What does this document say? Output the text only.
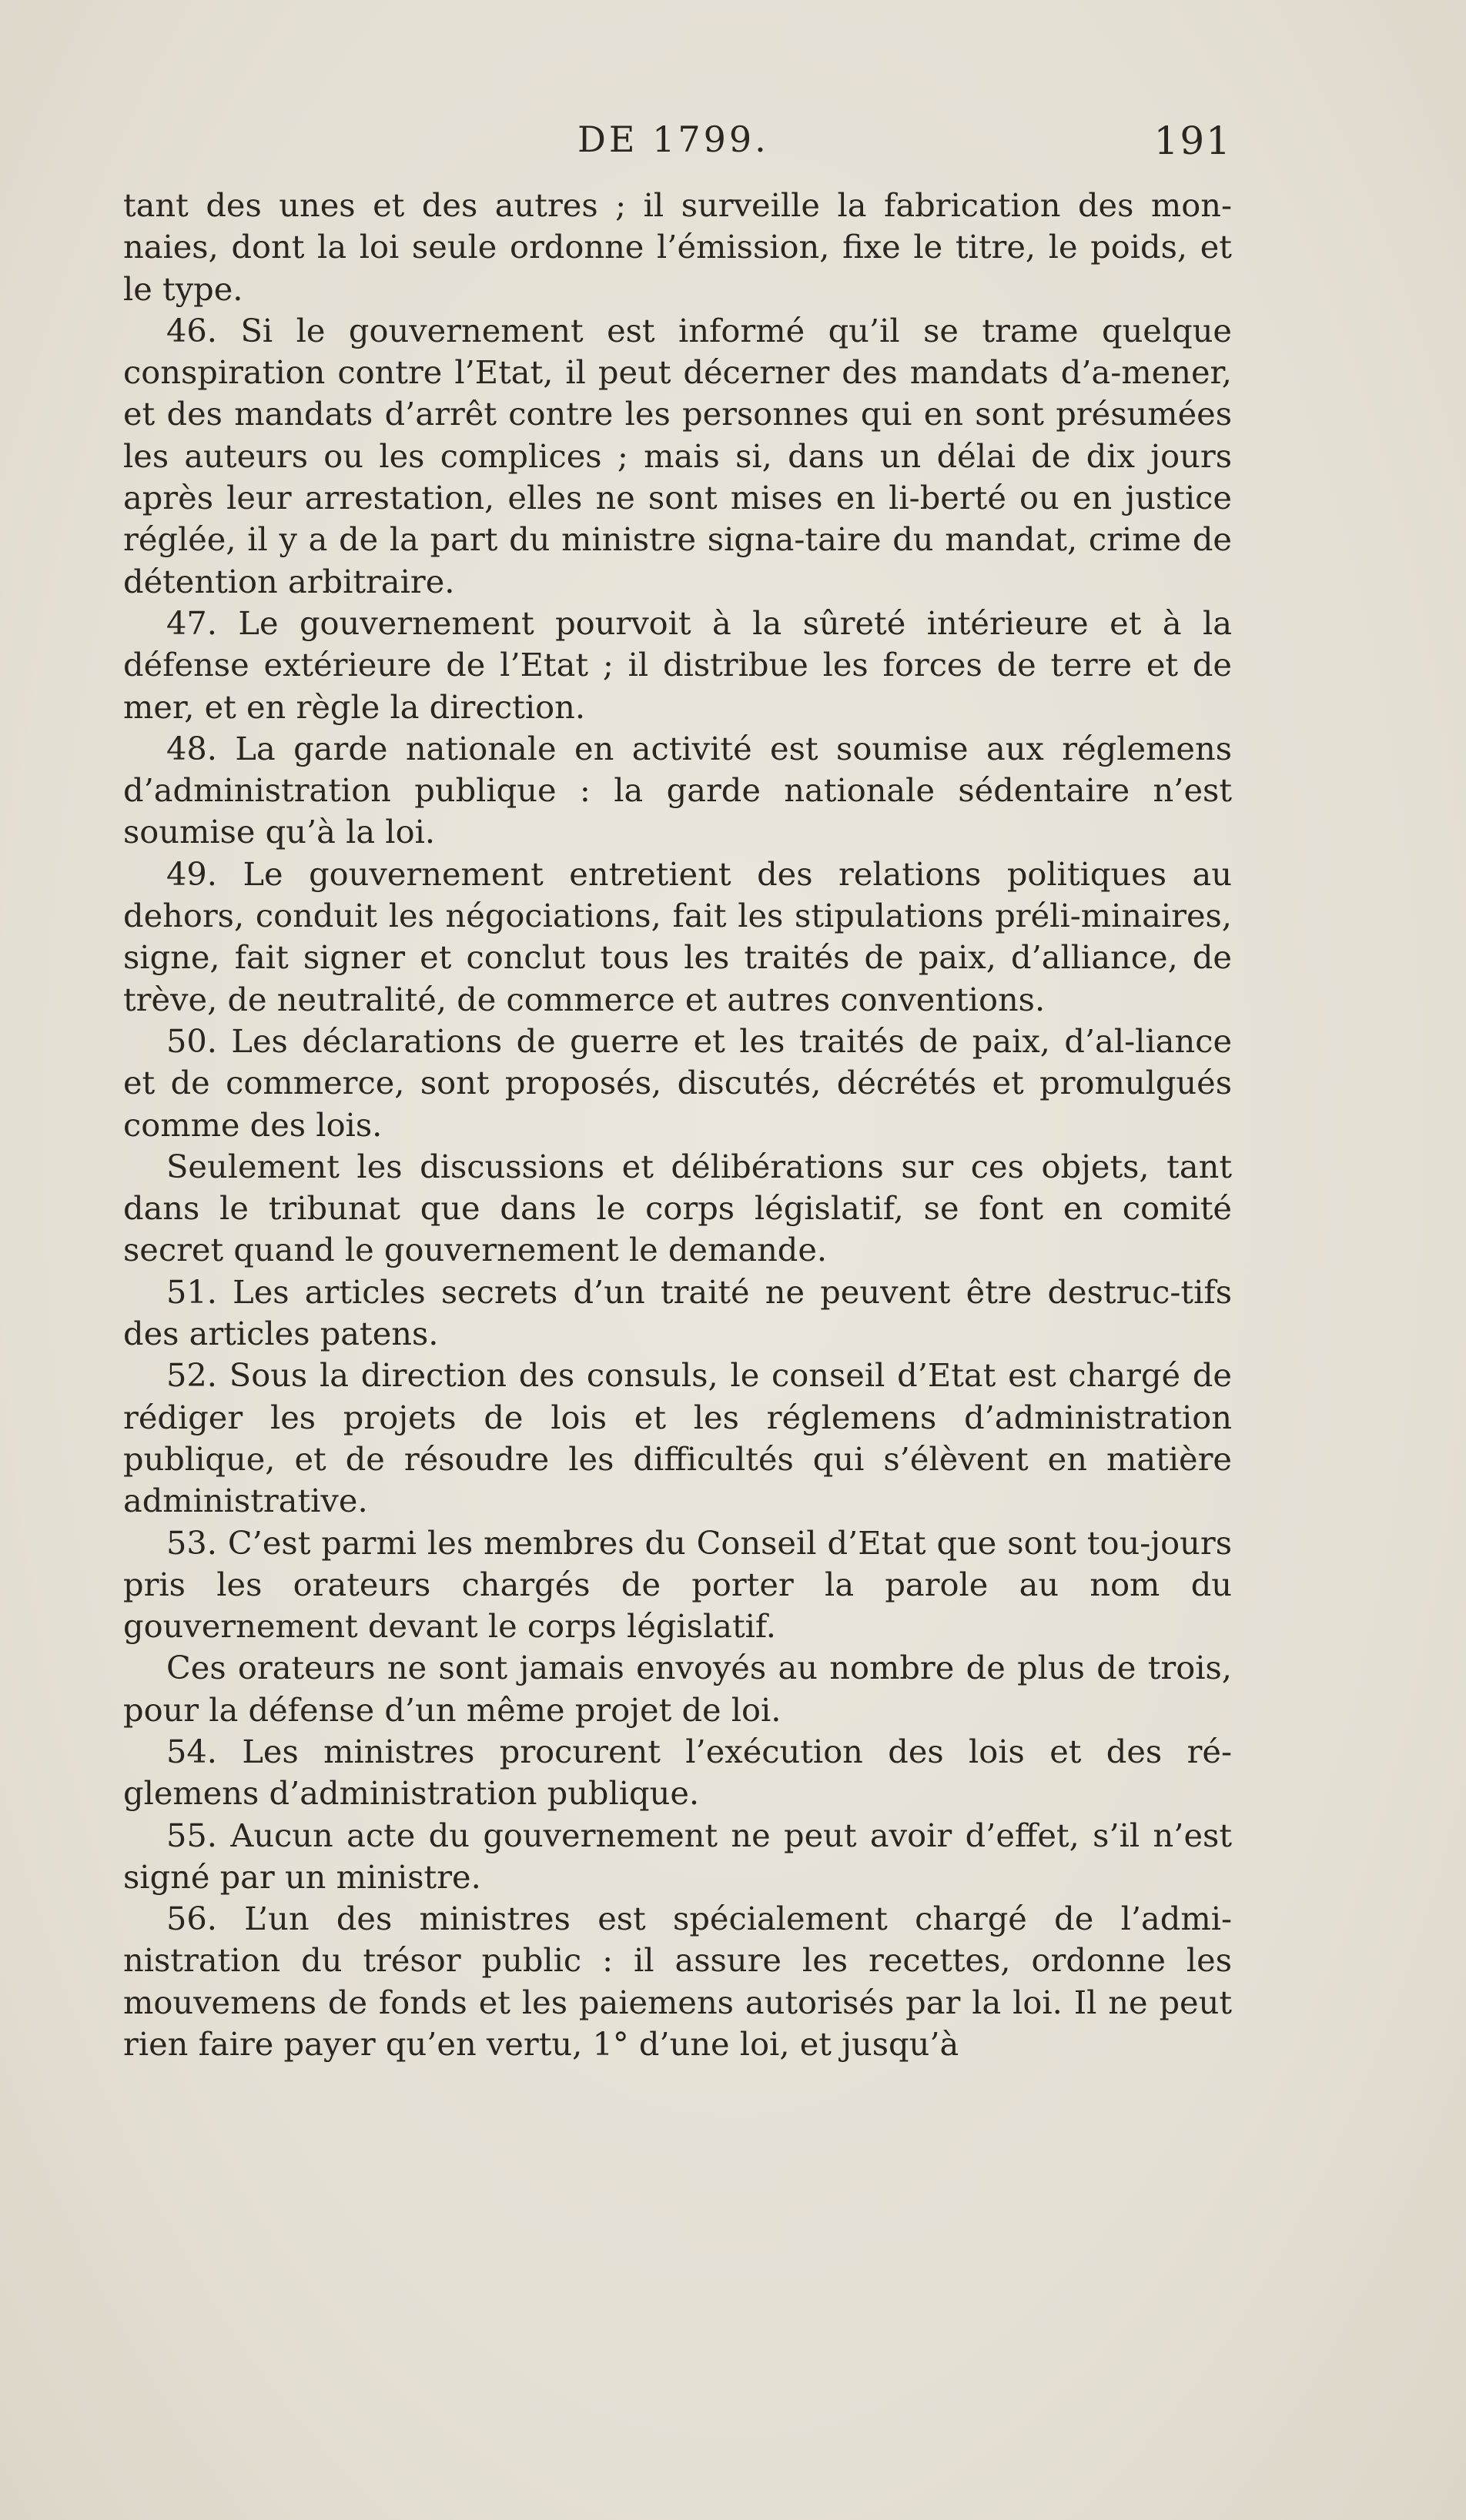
DE 1799.	191

tant des unes et des autres ; il surveille la fabrication des mon-naies, dont la loi seule ordonne l’émission, fixe le titre, le poids, et le type.

46. Si le gouvernement est informé qu’il se trame quelque conspiration contre l’Etat, il peut décerner des mandats d’a-mener, et des mandats d’arrêt contre les personnes qui en sont présumées les auteurs ou les complices ; mais si, dans un délai de dix jours après leur arrestation, elles ne sont mises en li-berté ou en justice réglée, il y a de la part du ministre signa-taire du mandat, crime de détention arbitraire.

47. Le gouvernement pourvoit à la sûreté intérieure et à la défense extérieure de l’Etat ; il distribue les forces de terre et de mer, et en règle la direction.

48. La garde nationale en activité est soumise aux réglemens d’administration publique : la garde nationale sédentaire n’est soumise qu’à la loi.

49. Le gouvernement entretient des relations politiques au dehors, conduit les négociations, fait les stipulations préli-minaires, signe, fait signer et conclut tous les traités de paix, d’alliance, de trève, de neutralité, de commerce et autres conventions.

50. Les déclarations de guerre et les traités de paix, d’al-liance et de commerce, sont proposés, discutés, décrétés et promulgués comme des lois.

Seulement les discussions et délibérations sur ces objets, tant dans le tribunat que dans le corps législatif, se font en comité secret quand le gouvernement le demande.

51. Les articles secrets d’un traité ne peuvent être destruc-tifs des articles patens.

52. Sous la direction des consuls, le conseil d’Etat est chargé de rédiger les projets de lois et les réglemens d’administration publique, et de résoudre les difficultés qui s’élèvent en matière administrative.

53. C’est parmi les membres du Conseil d’Etat que sont tou-jours pris les orateurs chargés de porter la parole au nom du gouvernement devant le corps législatif.

Ces orateurs ne sont jamais envoyés au nombre de plus de trois, pour la défense d’un même projet de loi.

54. Les ministres procurent l’exécution des lois et des ré-glemens d’administration publique.

55. Aucun acte du gouvernement ne peut avoir d’effet, s’il n’est signé par un ministre.

56. L’un des ministres est spécialement chargé de l’admi-nistration du trésor public : il assure les recettes, ordonne les mouvemens de fonds et les paiemens autorisés par la loi. Il ne peut rien faire payer qu’en vertu, 1° d’une loi, et jusqu’à
